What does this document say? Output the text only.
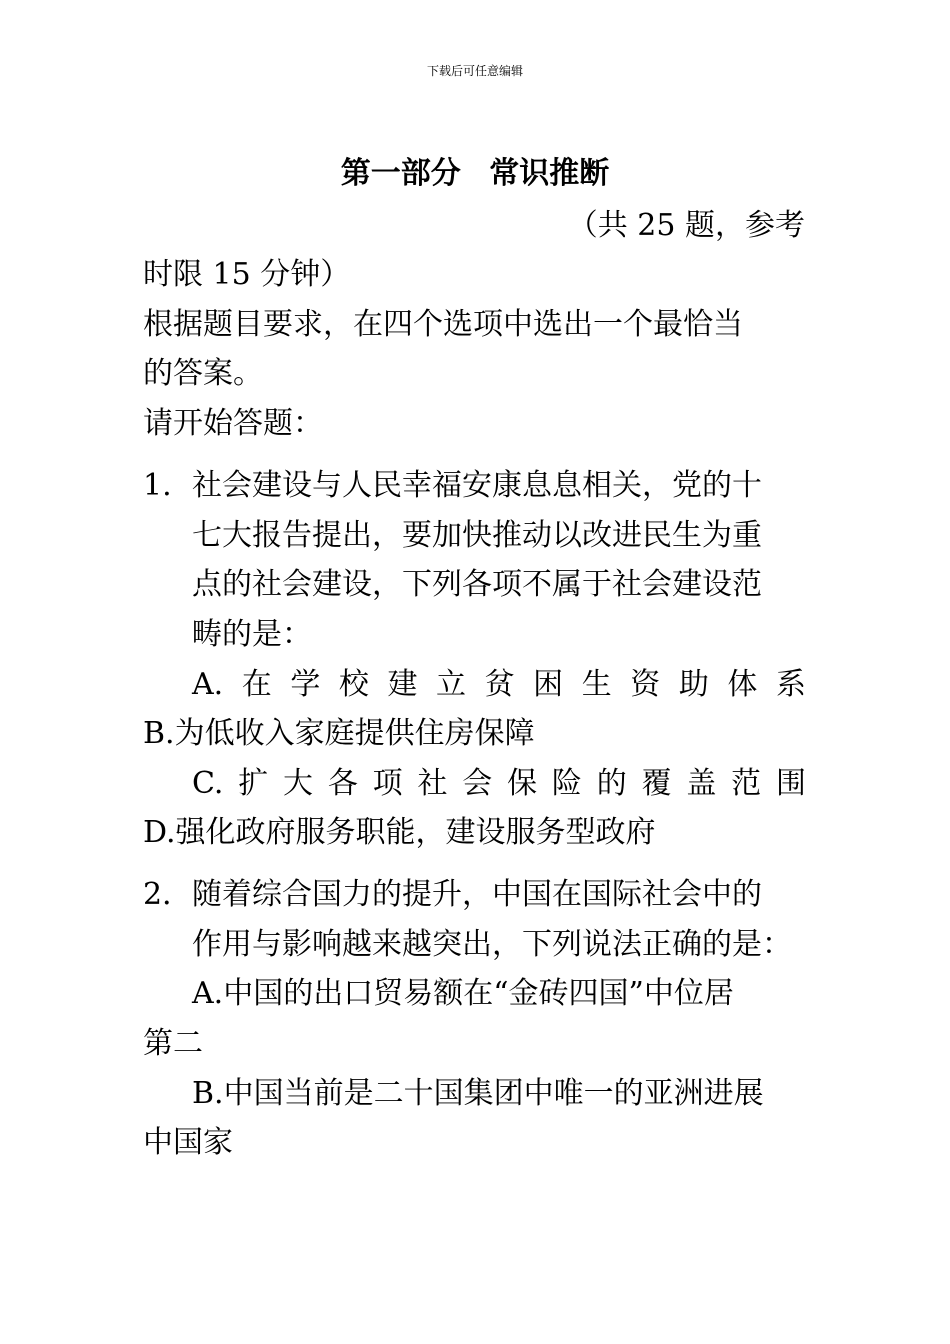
下载后可任意编辑
第一部分 常识推断
（共 25 题，参考
时限 15 分钟）
根据题目要求，在四个选项中选出一个最恰当
的答案。
请开始答题：
1. 社会建设与人民幸福安康息息相关，党的十
七大报告提出，要加快推动以改进民生为重
点的社会建设，下列各项不属于社会建设范
畴的是：
A. 在 学 校 建 立 贫 困 生 资 助 体 系
B.为低收入家庭提供住房保障
C. 扩 大 各 项 社 会 保 险 的 覆 盖 范 围
D.强化政府服务职能，建设服务型政府
2． 随着综合国力的提升，中国在国际社会中的
作用与影响越来越突出，下列说法正确的是：
A.中国的出口贸易额在“金砖四国”中位居
第二
B.中国当前是二十国集团中唯一的亚洲进展
中国家
